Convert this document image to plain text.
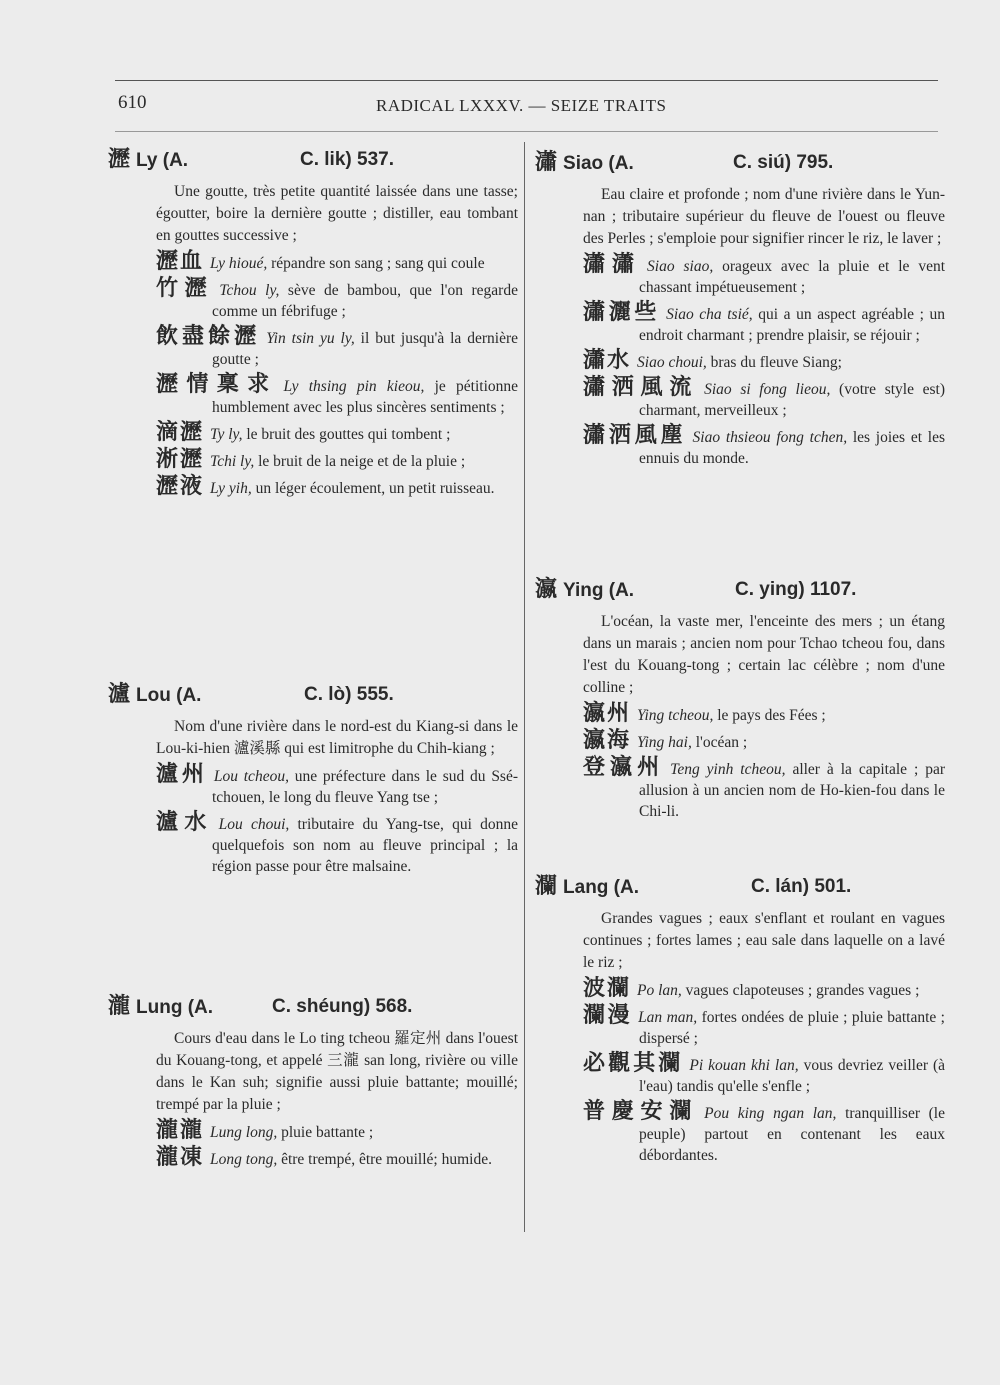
610	RADICAL LXXXV. — SEIZE TRAITS
瀝 Ly (A.	C. lik) 537.
Une goutte, très petite quantité laissée dans une tasse; égoutter, boire la dernière goutte ; distiller, eau tombant en gouttes successive ;
瀝血 Ly hioué, répandre son sang ; sang qui coule
竹瀝 Tchou ly, sève de bambou, que l'on regarde comme un fébrifuge ;
飲盡餘瀝 Yin tsin yu ly, il but jusqu'à la dernière goutte ;
瀝情稟求 Ly thsing pin kieou, je pétitionne humblement avec les plus sincères sentiments ;
滴瀝 Ty ly, le bruit des gouttes qui tombent ;
淅瀝 Tchi ly, le bruit de la neige et de la pluie ;
瀝液 Ly yih, un léger écoulement, un petit ruisseau.
瀘 Lou (A.	C. lò) 555.
Nom d'une rivière dans le nord-est du Kiang-si dans le Lou-ki-hien 瀘溪縣 qui est limitrophe du Chih-kiang ;
瀘州 Lou tcheou, une préfecture dans le sud du Ssé-tchouen, le long du fleuve Yang tse ;
瀘水 Lou choui, tributaire du Yang-tse, qui donne quelquefois son nom au fleuve principal ; la région passe pour être malsaine.
瀧 Lung (A.	C. shéung) 568.
Cours d'eau dans le Lo ting tcheou 羅定州 dans l'ouest du Kouang-tong, et appelé 三瀧 san long, rivière ou ville dans le Kan suh; signifie aussi pluie battante; mouillé; trempé par la pluie ;
瀧瀧 Lung long, pluie battante ;
瀧凍 Long tong, être trempé, être mouillé; humide.
瀟 Siao (A.	C. siú) 795.
Eau claire et profonde ; nom d'une rivière dans le Yun-nan ; tributaire supérieur du fleuve de l'ouest ou fleuve des Perles ; s'emploie pour signifier rincer le riz, le laver ;
瀟瀟 Siao siao, orageux avec la pluie et le vent chassant impétueusement ;
瀟灑些 Siao cha tsié, qui a un aspect agréable ; un endroit charmant ; prendre plaisir, se réjouir ;
瀟水 Siao choui, bras du fleuve Siang;
瀟洒風流 Siao si fong lieou, (votre style est) charmant, merveilleux ;
瀟洒風塵 Siao thsieou fong tchen, les joies et les ennuis du monde.
瀛 Ying (A.	C. ying) 1107.
L'océan, la vaste mer, l'enceinte des mers ; un étang dans un marais ; ancien nom pour Tchao tcheou fou, dans l'est du Kouang-tong ; certain lac célèbre ; nom d'une colline ;
瀛州 Ying tcheou, le pays des Fées ;
瀛海 Ying hai, l'océan ;
登瀛州 Teng yinh tcheou, aller à la capitale ; par allusion à un ancien nom de Ho-kien-fou dans le Chi-li.
瀾 Lang (A.	C. lán) 501.
Grandes vagues ; eaux s'enflant et roulant en vagues continues ; fortes lames ; eau sale dans laquelle on a lavé le riz ;
波瀾 Po lan, vagues clapoteuses ; grandes vagues ;
瀾漫 Lan man, fortes ondées de pluie ; pluie battante ; dispersé ;
必觀其瀾 Pi kouan khi lan, vous devriez veiller (à l'eau) tandis qu'elle s'enfle ;
普慶安瀾 Pou king ngan lan, tranquilliser (le peuple) partout en contenant les eaux débordantes.
